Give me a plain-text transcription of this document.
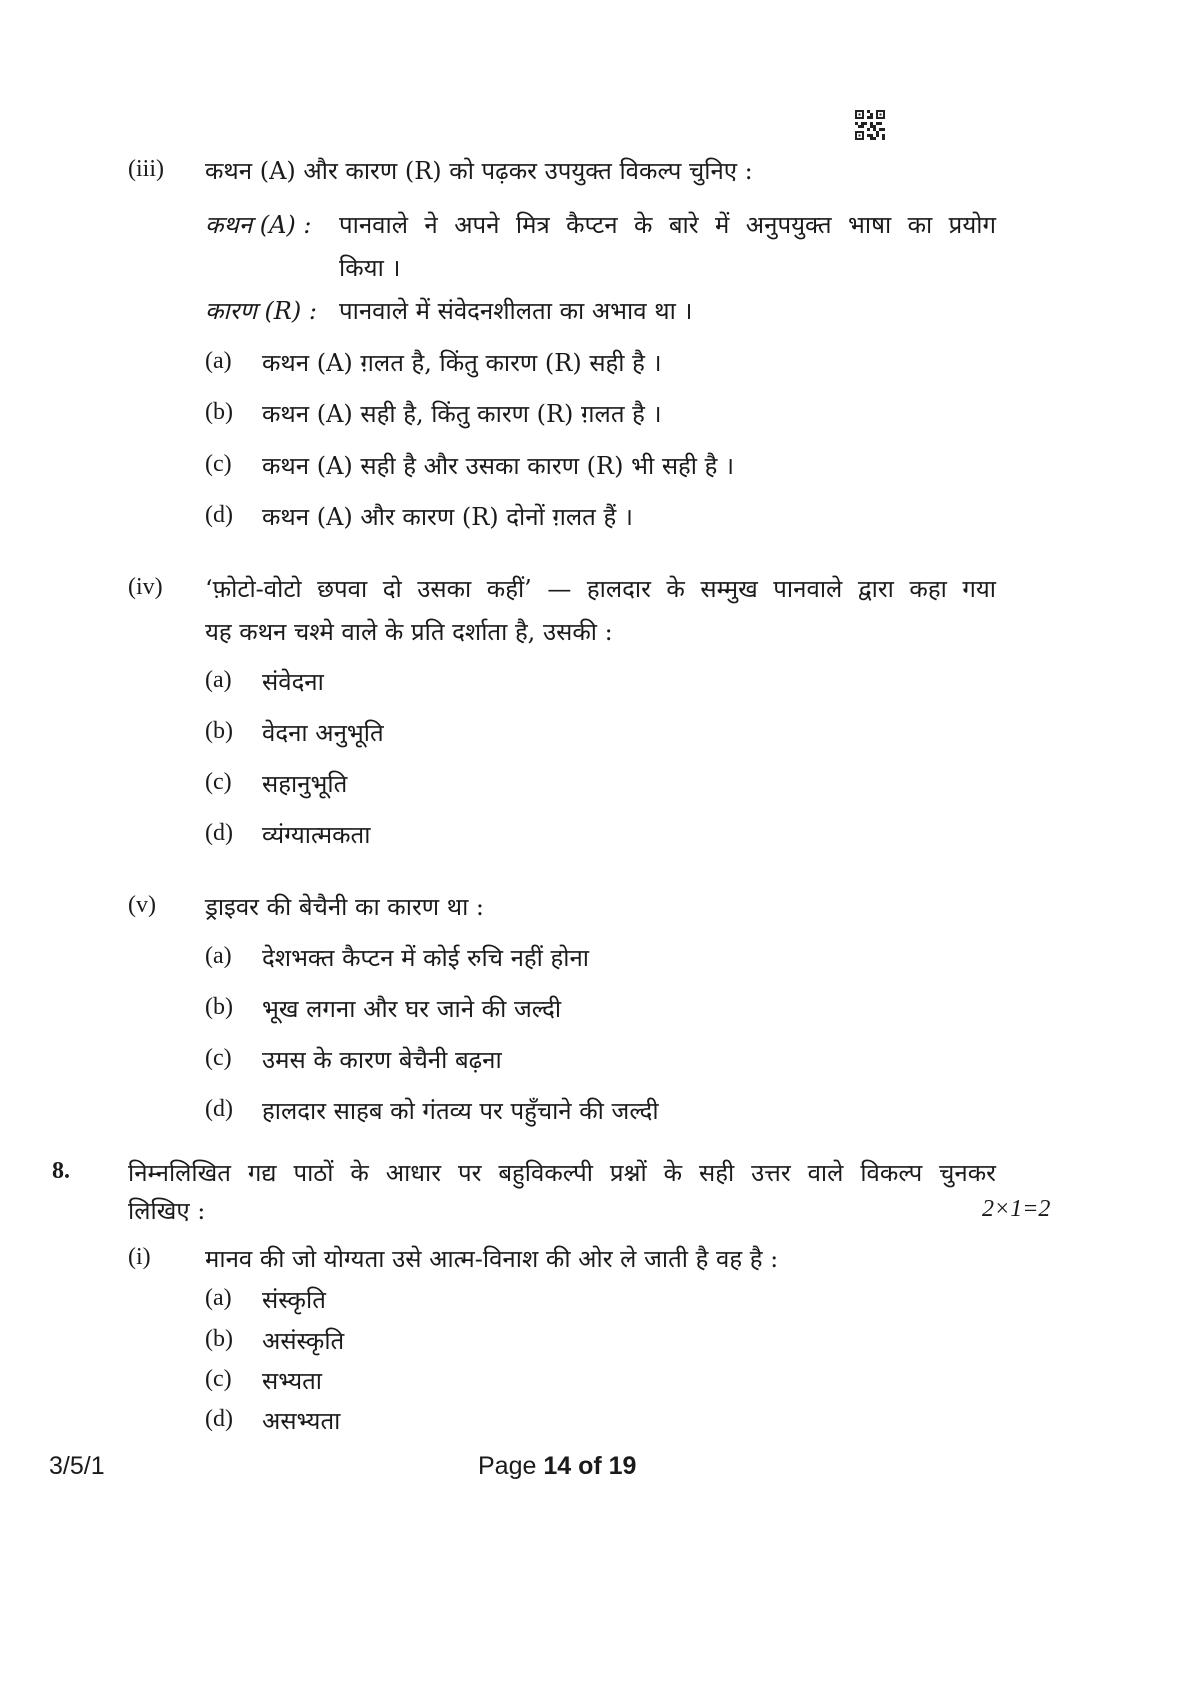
(iii) कथन (A) और कारण (R) को पढ़कर उपयुक्त विकल्प चुनिए :
कथन (A) : पानवाले ने अपने मित्र कैप्टन के बारे में अनुपयुक्त भाषा का प्रयोग
किया ।
कारण (R) : पानवाले में संवेदनशीलता का अभाव था ।
(a) कथन (A) ग़लत है, किंतु कारण (R) सही है ।
(b) कथन (A) सही है, किंतु कारण (R) ग़लत है ।
(c) कथन (A) सही है और उसका कारण (R) भी सही है ।
(d) कथन (A) और कारण (R) दोनों ग़लत हैं ।
(iv) ‘फ़ोटो-वोटो छपवा दो उसका कहीं’ — हालदार के सम्मुख पानवाले द्वारा कहा गया
यह कथन चश्मे वाले के प्रति दर्शाता है, उसकी :
(a) संवेदना
(b) वेदना अनुभूति
(c) सहानुभूति
(d) व्यंग्यात्मकता
(v) ड्राइवर की बेचैनी का कारण था :
(a) देशभक्त कैप्टन में कोई रुचि नहीं होना
(b) भूख लगना और घर जाने की जल्दी
(c) उमस के कारण बेचैनी बढ़ना
(d) हालदार साहब को गंतव्य पर पहुँचाने की जल्दी
8. निम्नलिखित गद्य पाठों के आधार पर बहुविकल्पी प्रश्नों के सही उत्तर वाले विकल्प चुनकर
लिखिए :	2×1=2
(i) मानव की जो योग्यता उसे आत्म-विनाश की ओर ले जाती है वह है :
(a) संस्कृति
(b) असंस्कृति
(c) सभ्यता
(d) असभ्यता
3/5/1	Page 14 of 19
